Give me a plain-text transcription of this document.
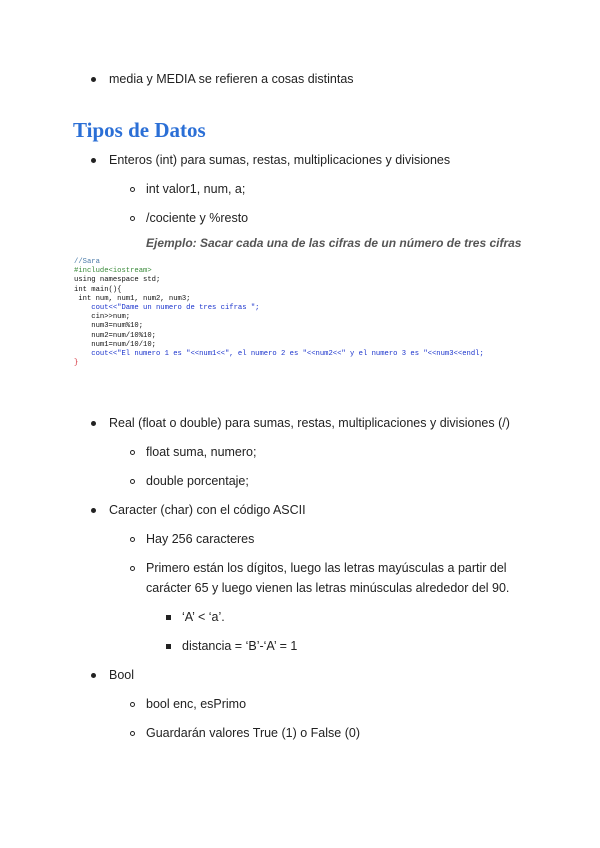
media y MEDIA se refieren a cosas distintas
Tipos de Datos
Enteros (int) para sumas, restas, multiplicaciones y divisiones
int valor1, num, a;
/cociente y %resto
Ejemplo: Sacar cada una de las cifras de un número de tres cifras
//Sara
#include<iostream>
using namespace std;
int main(){
int num, num1, num2, num3;
cout<<"Dame un numero de tres cifras ";
cin>>num;
num3=num%10;
num2=num/10%10;
num1=num/10/10;
cout<<"El numero 1 es "<<num1<<", el numero 2 es "<<num2<<" y el numero 3 es "<<num3<<endl;
}
Real (float o double) para sumas, restas, multiplicaciones y divisiones (/)
float suma, numero;
double porcentaje;
Caracter (char) con el código ASCII
Hay 256 caracteres
Primero están los dígitos, luego las letras mayúsculas a partir del
carácter 65 y luego vienen las letras minúsculas alrededor del 90.
‘A’ < ‘a’.
distancia = ‘B’-‘A’ = 1
Bool
bool enc, esPrimo
Guardarán valores True (1) o False (0)
